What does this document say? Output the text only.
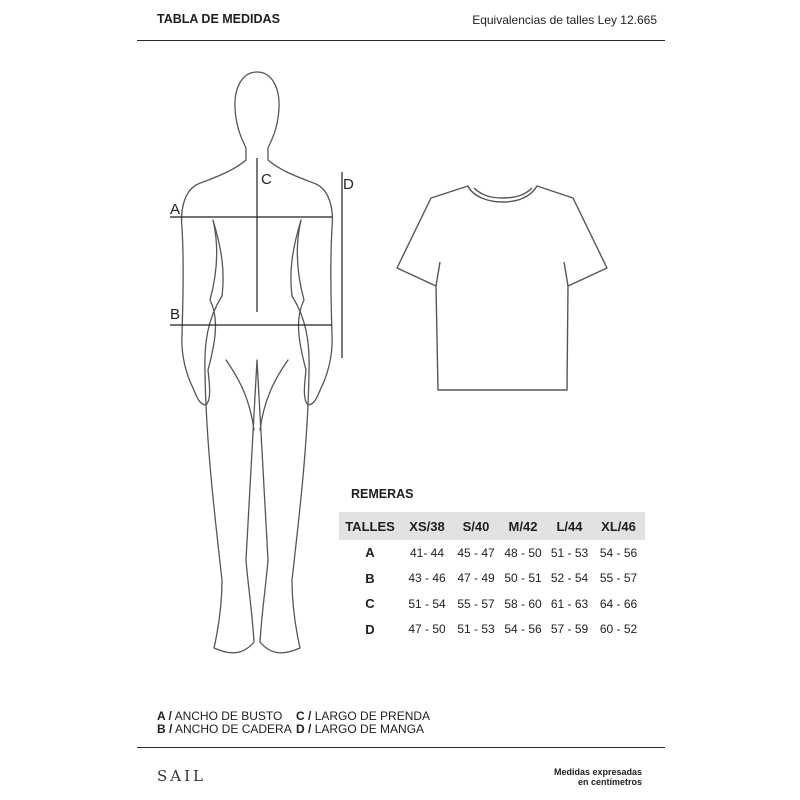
TABLA DE MEDIDAS	Equivalencias de talles Ley 12.665
A
B
C	D
REMERAS
TALLES	XS/38	S/40	M/42	L/44	XL/46
A	41- 44	45 - 47	48 - 50	51 - 53	54 - 56
B	43 - 46	47 - 49	50 - 51	52 - 54	55 - 57
C	51 - 54	55 - 57	58 - 60	61 - 63	64 - 66
D	47 - 50	51 - 53	54 - 56	57 - 59	60 - 52
A / ANCHO DE BUSTO
B / ANCHO DE CADERA
C / LARGO DE PRENDA
D / LARGO DE MANGA
SAIL	Medidas expresadas
en centímetros
